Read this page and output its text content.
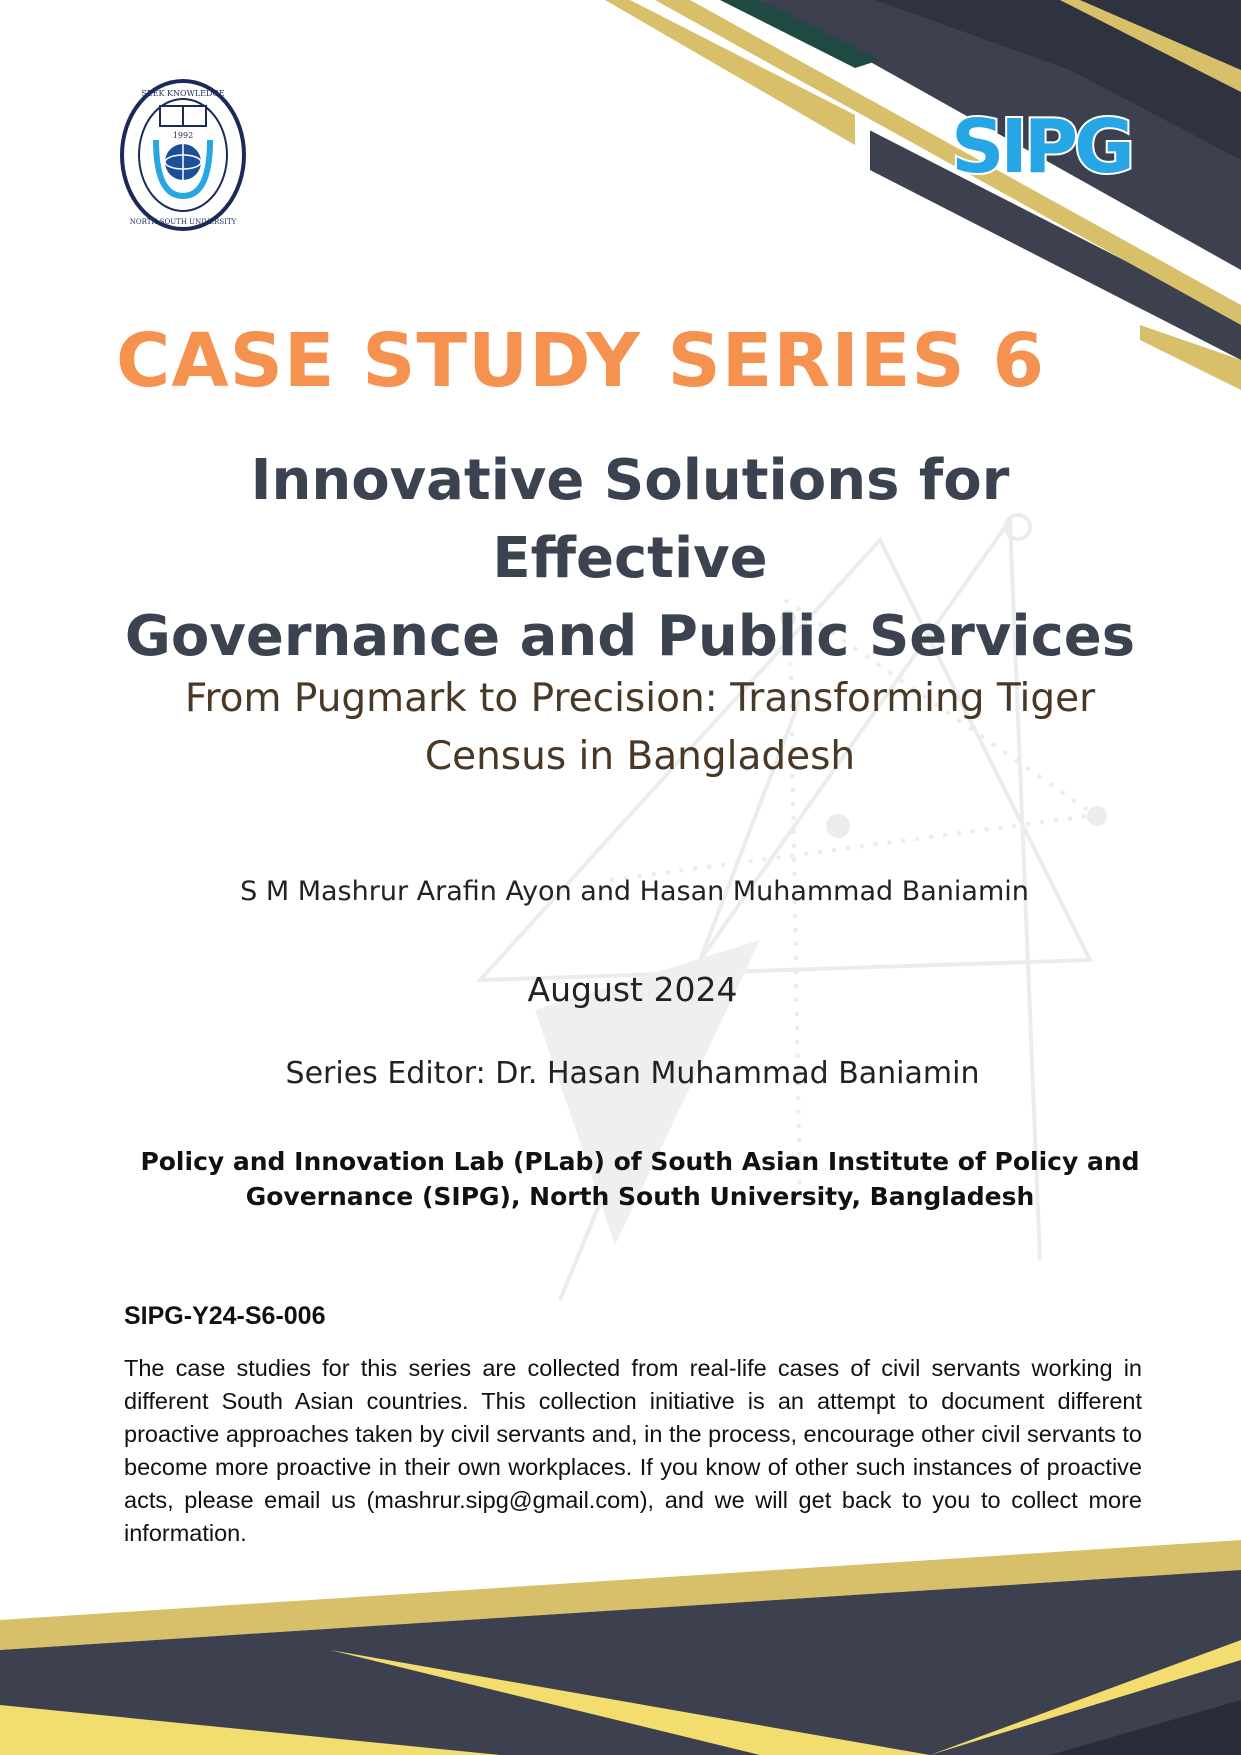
1992
SEEK KNOWLEDGE
NORTH SOUTH UNIVERSITY
SIPG
CASE STUDY SERIES 6
Innovative Solutions for Effective
Governance and Public Services
From Pugmark to Precision: Transforming Tiger
Census in Bangladesh
S M Mashrur Arafin Ayon and Hasan Muhammad Baniamin
August 2024
Series Editor: Dr. Hasan Muhammad Baniamin
Policy and Innovation Lab (PLab) of South Asian Institute of Policy and
Governance (SIPG), North South University, Bangladesh
SIPG-Y24-S6-006

The case studies for this series are collected from real-life cases of civil servants working in different South Asian countries. This collection initiative is an attempt to document different proactive approaches taken by civil servants and, in the process, encourage other civil servants to become more proactive in their own workplaces. If you know of other such instances of proactive acts, please email us (mashrur.sipg@gmail.com), and we will get back to you to collect more information.
